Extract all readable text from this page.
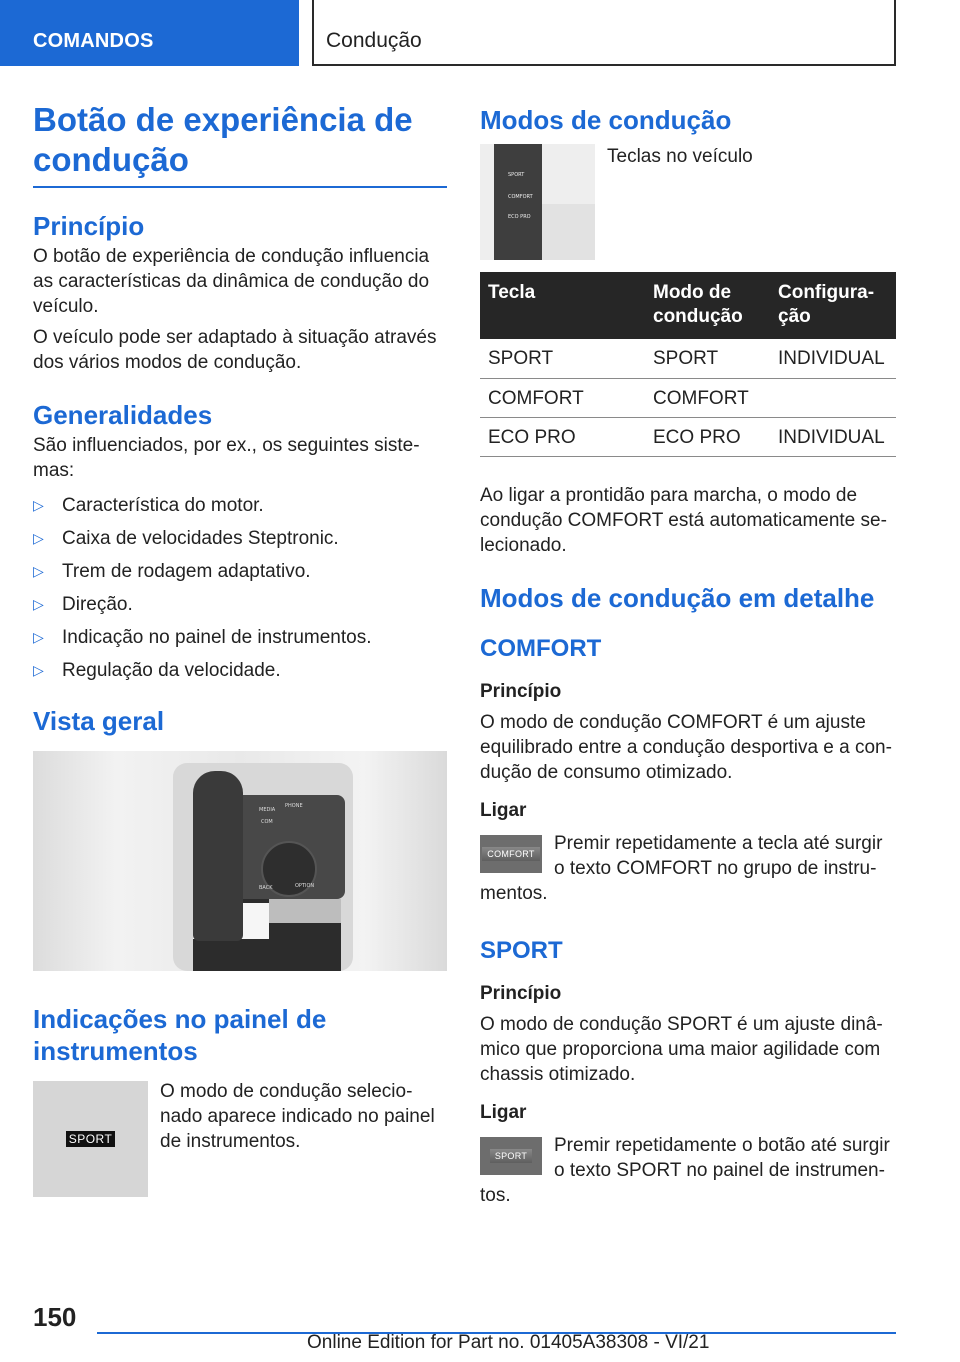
COMANDOS	Condução
Botão de experiência de condução
Princípio

O botão de experiência de condução influencia as características da dinâmica de condução do veículo.

O veículo pode ser adaptado à situação através dos vários modos de condução.

Generalidades

São influenciados, por ex., os seguintes siste-mas:

▷ Característica do motor.
▷ Caixa de velocidades Steptronic.
▷ Trem de rodagem adaptativo.
▷ Direção.
▷ Indicação no painel de instrumentos.
▷ Regulação da velocidade.
Vista geral
MEDIA
PHONE
COM
OPTION
BACK
Indicações no painel de instrumentos
SPORT

O modo de condução selecio-nado aparece indicado no painel de instrumentos.

Modos de condução
SPORT
COMFORT
ECO PRO

Teclas no veículo

Tecla	Modo de condução	Configura-ção
SPORT	SPORT	INDIVIDUAL
COMFORT	COMFORT	
ECO PRO	ECO PRO	INDIVIDUAL

Ao ligar a prontidão para marcha, o modo de condução COMFORT está automaticamente se-lecionado.

Modos de condução em detalhe
COMFORT
Princípio

O modo de condução COMFORT é um ajuste equilibrado entre a condução desportiva e a con-dução de consumo otimizado.

Ligar
COMFORT	Premir repetidamente a tecla até surgir o texto COMFORT no grupo de instru-mentos.

SPORT
Princípio

O modo de condução SPORT é um ajuste dinâ-mico que proporciona uma maior agilidade com chassis otimizado.

Ligar
SPORT	Premir repetidamente o botão até surgir o texto SPORT no painel de instrumen-tos.

150
Online Edition for Part no. 01405A38308 - VI/21
